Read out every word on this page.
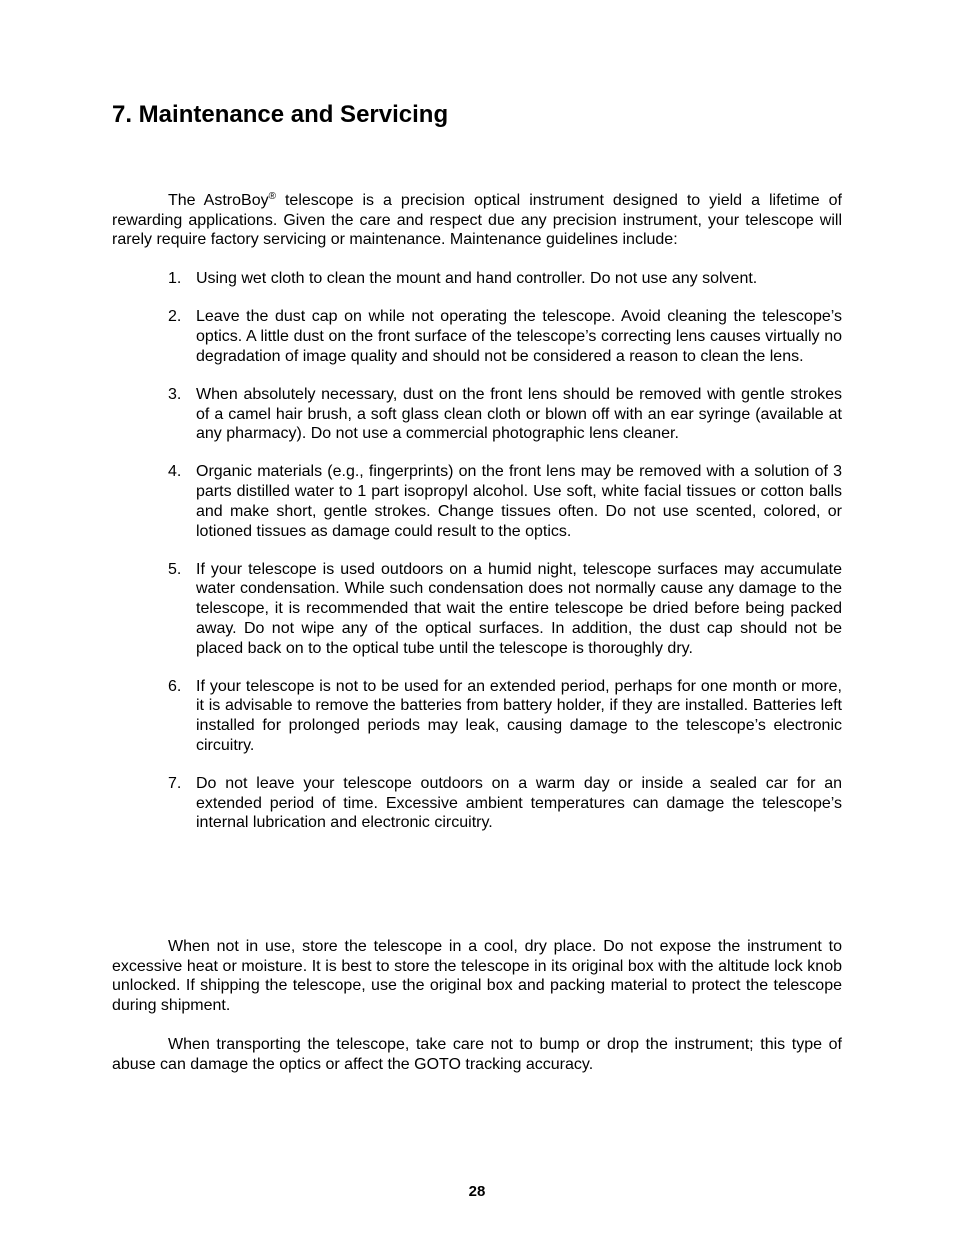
7. Maintenance and Servicing

The AstroBoy® telescope is a precision optical instrument designed to yield a lifetime of rewarding applications. Given the care and respect due any precision instrument, your telescope will rarely require factory servicing or maintenance. Maintenance guidelines include:

1. Using wet cloth to clean the mount and hand controller. Do not use any solvent.
2. Leave the dust cap on while not operating the telescope. Avoid cleaning the telescope’s optics. A little dust on the front surface of the telescope’s correcting lens causes virtually no degradation of image quality and should not be considered a reason to clean the lens.
3. When absolutely necessary, dust on the front lens should be removed with gentle strokes of a camel hair brush, a soft glass clean cloth or blown off with an ear syringe (available at any pharmacy). Do not use a commercial photographic lens cleaner.
4. Organic materials (e.g., fingerprints) on the front lens may be removed with a solution of 3 parts distilled water to 1 part isopropyl alcohol. Use soft, white facial tissues or cotton balls and make short, gentle strokes. Change tissues often. Do not use scented, colored, or lotioned tissues as damage could result to the optics.
5. If your telescope is used outdoors on a humid night, telescope surfaces may accumulate water condensation. While such condensation does not normally cause any damage to the telescope, it is recommended that wait the entire telescope be dried before being packed away. Do not wipe any of the optical surfaces. In addition, the dust cap should not be placed back on to the optical tube until the telescope is thoroughly dry.
6. If your telescope is not to be used for an extended period, perhaps for one month or more, it is advisable to remove the batteries from battery holder, if they are installed. Batteries left installed for prolonged periods may leak, causing damage to the telescope’s electronic circuitry.
7. Do not leave your telescope outdoors on a warm day or inside a sealed car for an extended period of time. Excessive ambient temperatures can damage the telescope’s internal lubrication and electronic circuitry.

When not in use, store the telescope in a cool, dry place. Do not expose the instrument to excessive heat or moisture. It is best to store the telescope in its original box with the altitude lock knob unlocked. If shipping the telescope, use the original box and packing material to protect the telescope during shipment.

When transporting the telescope, take care not to bump or drop the instrument; this type of abuse can damage the optics or affect the GOTO tracking accuracy.

28
